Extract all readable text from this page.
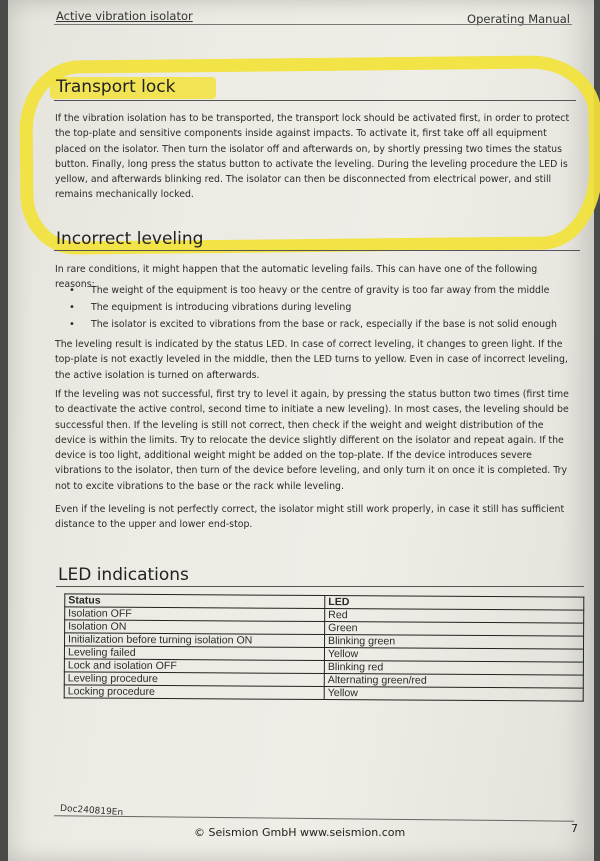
Active vibration isolator	Operating Manual
Transport lock

If the vibration isolation has to be transported, the transport lock should be activated first, in order to protect the top-plate and sensitive components inside against impacts. To activate it, first take off all equipment placed on the isolator. Then turn the isolator off and afterwards on, by shortly pressing two times the status button. Finally, long press the status button to activate the leveling. During the leveling procedure the LED is yellow, and afterwards blinking red. The isolator can then be disconnected from electrical power, and still remains mechanically locked.

Incorrect leveling

In rare conditions, it might happen that the automatic leveling fails. This can have one of the following reasons:

• The weight of the equipment is too heavy or the centre of gravity is too far away from the middle
• The equipment is introducing vibrations during leveling
• The isolator is excited to vibrations from the base or rack, especially if the base is not solid enough

The leveling result is indicated by the status LED. In case of correct leveling, it changes to green light. If the top-plate is not exactly leveled in the middle, then the LED turns to yellow. Even in case of incorrect leveling, the active isolation is turned on afterwards.

If the leveling was not successful, first try to level it again, by pressing the status button two times (first time to deactivate the active control, second time to initiate a new leveling). In most cases, the leveling should be successful then. If the leveling is still not correct, then check if the weight and weight distribution of the device is within the limits. Try to relocate the device slightly different on the isolator and repeat again. If the device is too light, additional weight might be added on the top-plate. If the device introduces severe vibrations to the isolator, then turn of the device before leveling, and only turn it on once it is completed. Try not to excite vibrations to the base or the rack while leveling.

Even if the leveling is not perfectly correct, the isolator might still work properly, in case it still has sufficient distance to the upper and lower end-stop.

LED indications
Status	LED
Isolation OFF	Red
Isolation ON	Green
Initialization before turning isolation ON	Blinking green
Leveling failed	Yellow
Lock and isolation OFF	Blinking red
Leveling procedure	Alternating green/red
Locking procedure	Yellow
Doc240819En
© Seismion GmbH www.seismion.com	7
